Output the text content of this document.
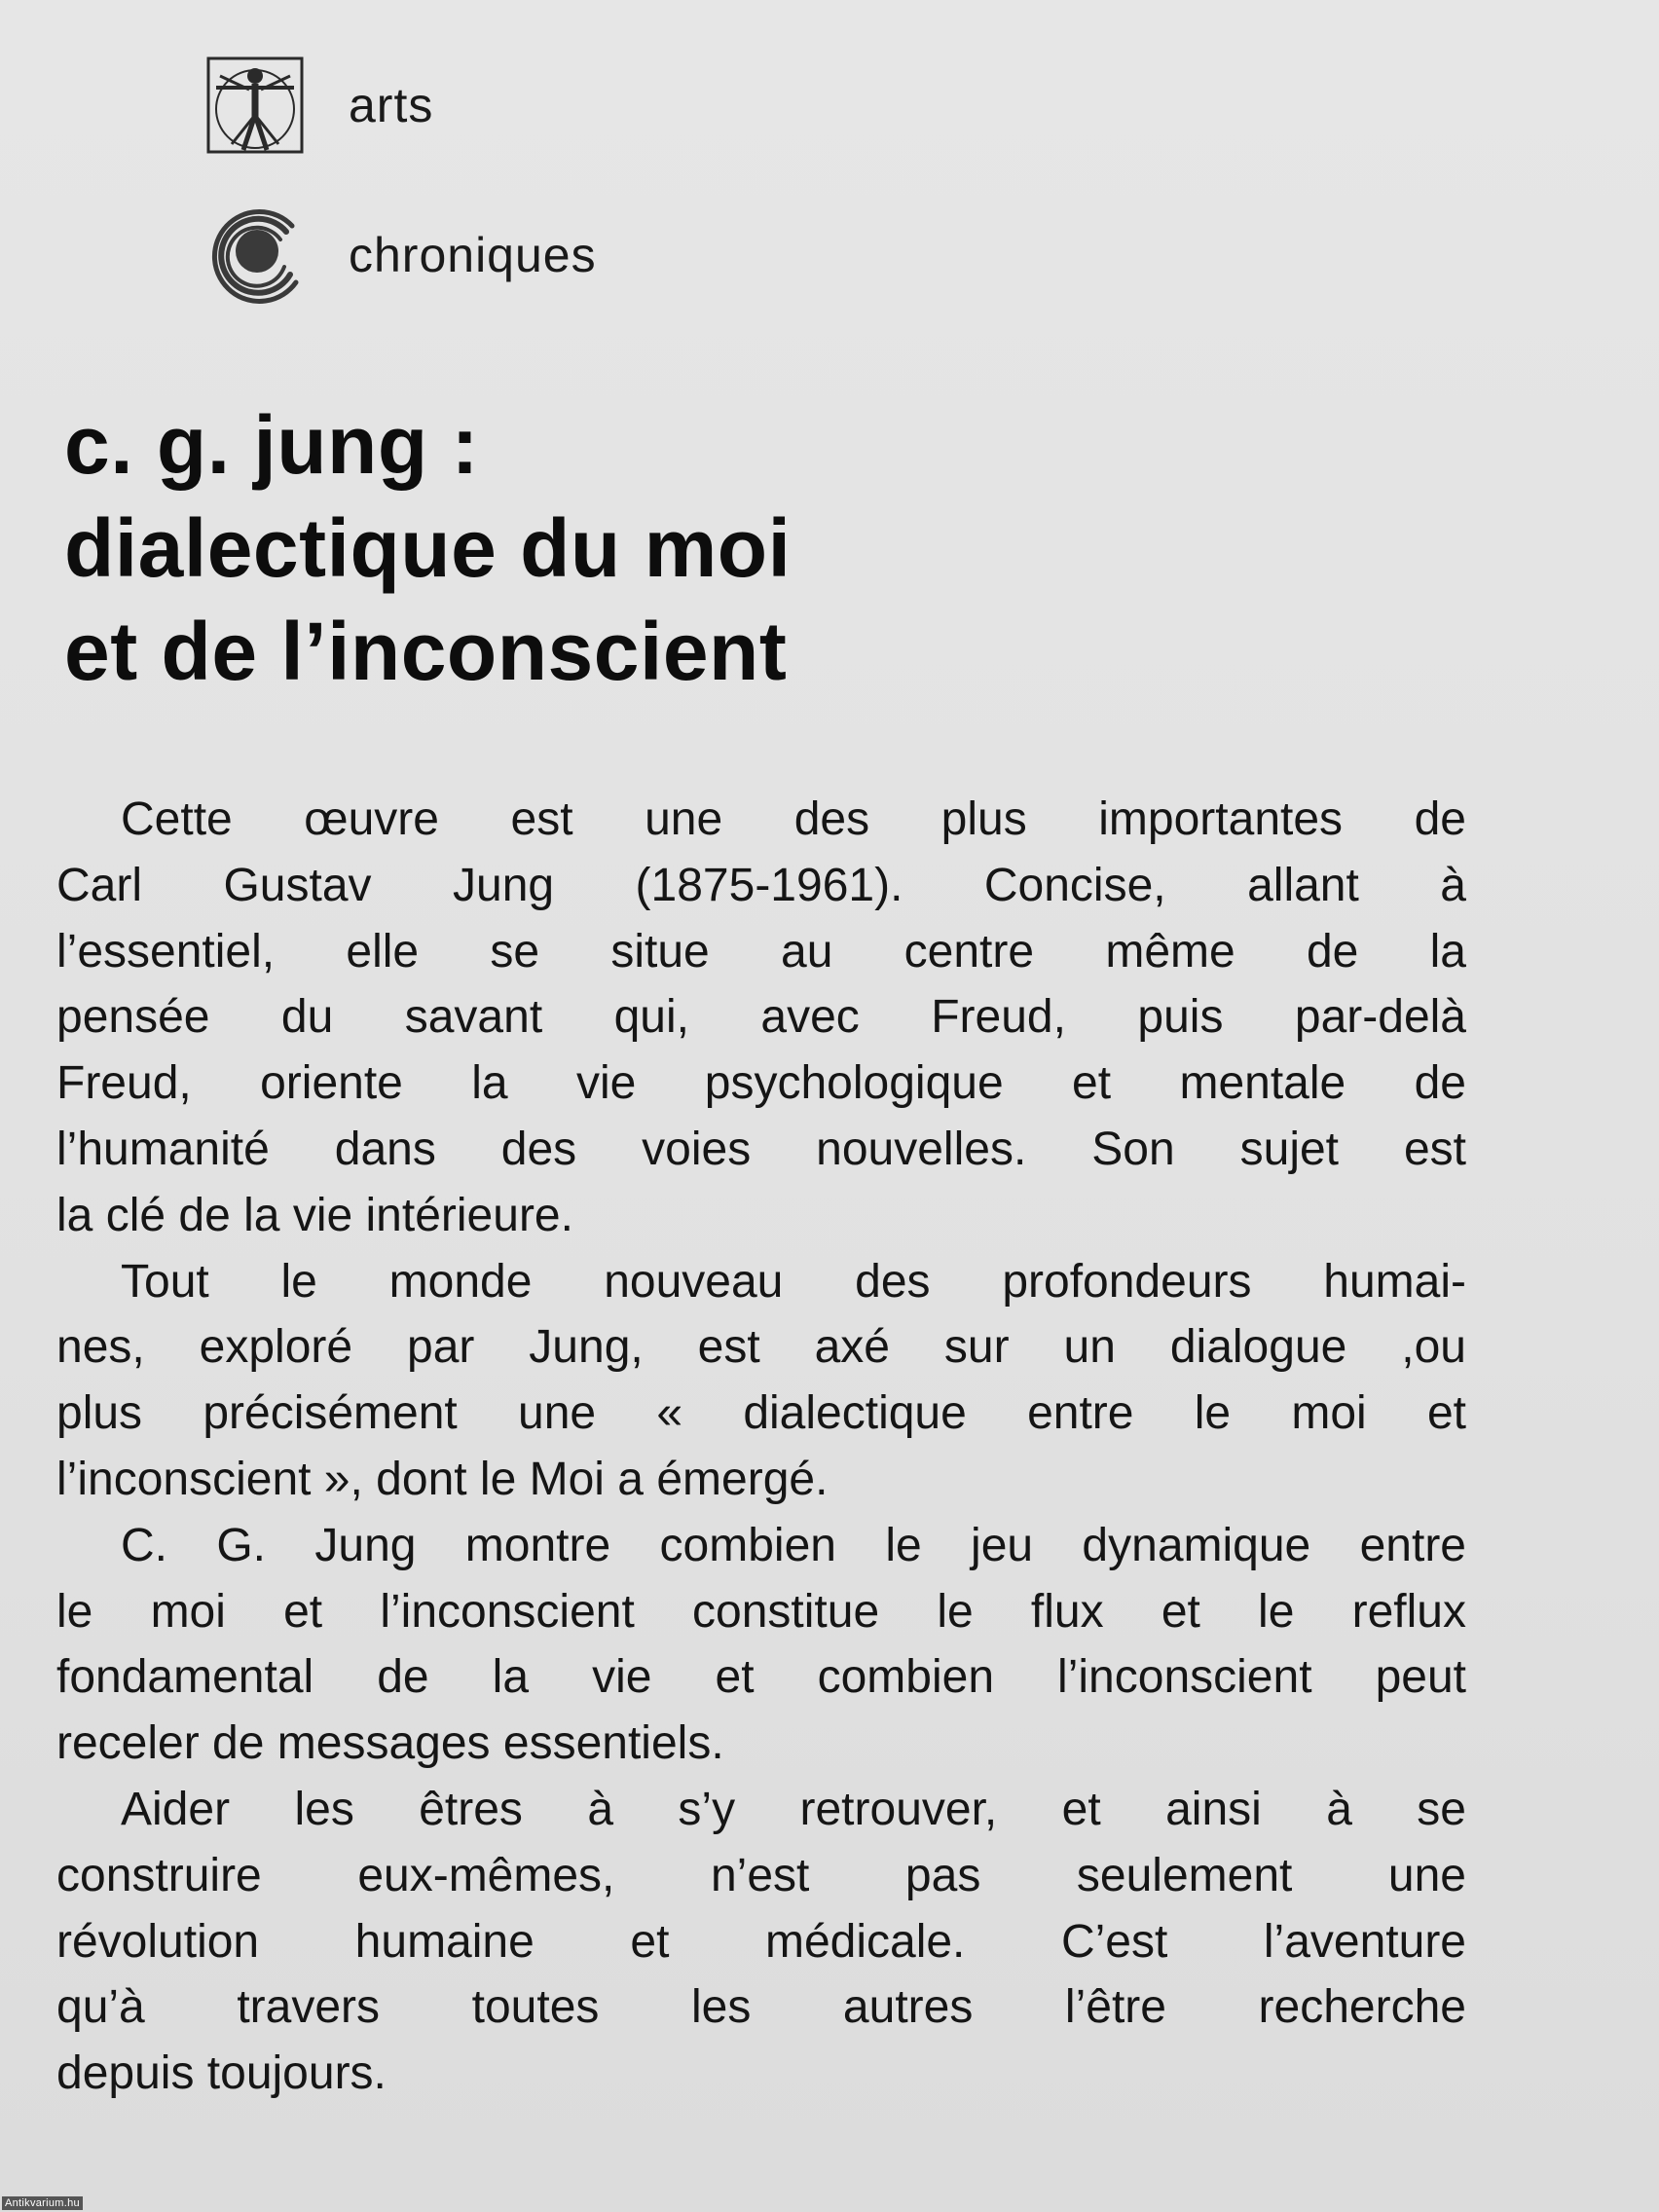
arts
chroniques
c. g. jung :
dialectique du moi
et de l’inconscient

Cette œuvre est une des plus importantes de
Carl Gustav Jung (1875-1961). Concise, allant à
l’essentiel, elle se situe au centre même de la
pensée du savant qui, avec Freud, puis par-delà
Freud, oriente la vie psychologique et mentale de
l’humanité dans des voies nouvelles. Son sujet est
la clé de la vie intérieure.

Tout le monde nouveau des profondeurs humai-
nes, exploré par Jung, est axé sur un dialogue ,ou
plus précisément une « dialectique entre le moi et
l’inconscient », dont le Moi a émergé.

C. G. Jung montre combien le jeu dynamique entre
le moi et l’inconscient constitue le flux et le reflux
fondamental de la vie et combien l’inconscient peut
receler de messages essentiels.

Aider les êtres à s’y retrouver, et ainsi à se
construire eux-mêmes, n’est pas seulement une
révolution humaine et médicale. C’est l’aventure
qu’à travers toutes les autres l’être recherche
depuis toujours.

Antikvarium.hu
